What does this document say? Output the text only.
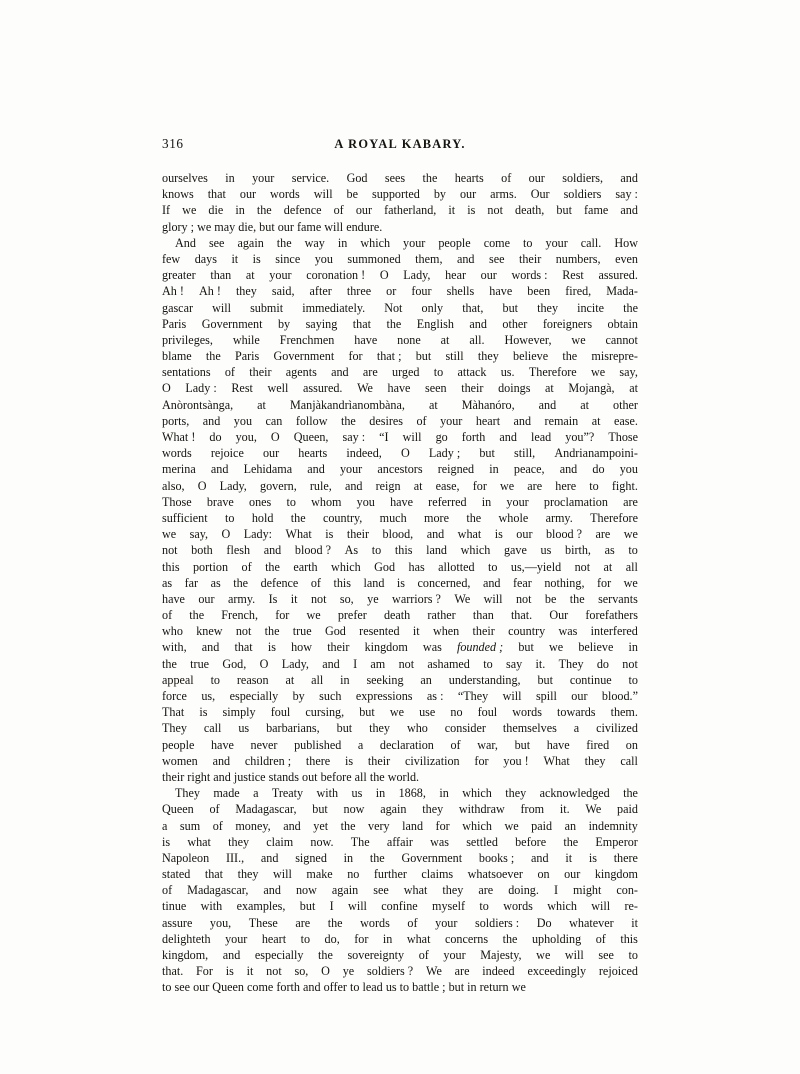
316	A ROYAL KABARY.
ourselves in your service. God sees the hearts of our soldiers, and
knows that our words will be supported by our arms. Our soldiers say :
If we die in the defence of our fatherland, it is not death, but fame and
glory ; we may die, but our fame will endure.
And see again the way in which your people come to your call. How
few days it is since you summoned them, and see their numbers, even
greater than at your coronation ! O Lady, hear our words : Rest assured.
Ah ! Ah ! they said, after three or four shells have been fired, Mada-
gascar will submit immediately. Not only that, but they incite the
Paris Government by saying that the English and other foreigners obtain
privileges, while Frenchmen have none at all. However, we cannot
blame the Paris Government for that ; but still they believe the misrepre-
sentations of their agents and are urged to attack us. Therefore we say,
O Lady : Rest well assured. We have seen their doings at Mojangà, at
Anòrontsànga, at Manjàkandrìanombàna, at Màhanóro, and at other
ports, and you can follow the desires of your heart and remain at ease.
What ! do you, O Queen, say : “I will go forth and lead you”? Those
words rejoice our hearts indeed, O Lady ; but still, Andrianampoini-
merina and Lehidama and your ancestors reigned in peace, and do you
also, O Lady, govern, rule, and reign at ease, for we are here to fight.
Those brave ones to whom you have referred in your proclamation are
sufficient to hold the country, much more the whole army. Therefore
we say, O Lady: What is their blood, and what is our blood ? are we
not both flesh and blood ? As to this land which gave us birth, as to
this portion of the earth which God has allotted to us,—yield not at all
as far as the defence of this land is concerned, and fear nothing, for we
have our army. Is it not so, ye warriors ? We will not be the servants
of the French, for we prefer death rather than that. Our forefathers
who knew not the true God resented it when their country was interfered
with, and that is how their kingdom was founded ; but we believe in
the true God, O Lady, and I am not ashamed to say it. They do not
appeal to reason at all in seeking an understanding, but continue to
force us, especially by such expressions as : “They will spill our blood.”
That is simply foul cursing, but we use no foul words towards them.
They call us barbarians, but they who consider themselves a civilized
people have never published a declaration of war, but have fired on
women and children ; there is their civilization for you ! What they call
their right and justice stands out before all the world.
They made a Treaty with us in 1868, in which they acknowledged the
Queen of Madagascar, but now again they withdraw from it. We paid
a sum of money, and yet the very land for which we paid an indemnity
is what they claim now. The affair was settled before the Emperor
Napoleon III., and signed in the Government books ; and it is there
stated that they will make no further claims whatsoever on our kingdom
of Madagascar, and now again see what they are doing. I might con-
tinue with examples, but I will confine myself to words which will re-
assure you, These are the words of your soldiers : Do whatever it
delighteth your heart to do, for in what concerns the upholding of this
kingdom, and especially the sovereignty of your Majesty, we will see to
that. For is it not so, O ye soldiers ? We are indeed exceedingly rejoiced
to see our Queen come forth and offer to lead us to battle ; but in return we
